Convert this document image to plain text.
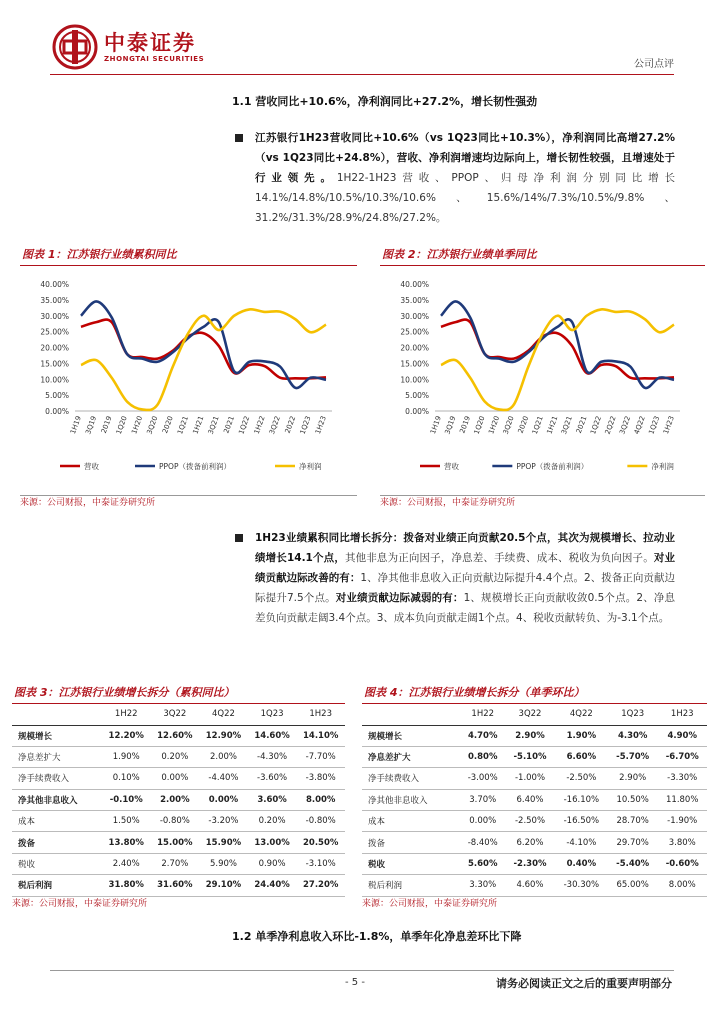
中泰证券
ZHONGTAI SECURITIES	公司点评
1.1 营收同比+10.6%，净利润同比+27.2%，增长韧性强劲
江苏银行1H23营收同比+10.6%（vs 1Q23同比+10.3%），净利润同比高增27.2%（vs 1Q23同比+24.8%），营收、净利润增速均边际向上，增长韧性较强，且增速处于行业领先。1H22-1H23营收、PPOP、归母净利润分别同比增长14.1%/14.8%/10.5%/10.3%/10.6%、15.6%/14%/7.3%/10.5%/9.8%、31.2%/31.3%/28.9%/24.8%/27.2%。
图表 1：江苏银行业绩累积同比
0.00%
5.00%
10.00%
15.00%
20.00%
25.00%
30.00%
35.00%
40.00%
1H19 3Q19 2019 1Q20 1H20 3Q20 2020 1Q21 1H21 3Q21 2021 1Q22 1H22 3Q22 2022 1Q23 1H23
营收	PPOP（拨备前利润）	净利润
来源：公司财报，中泰证券研究所
图表 2：江苏银行业绩单季同比
0.00%
5.00%
10.00%
15.00%
20.00%
25.00%
30.00%
35.00%
40.00%
1H19 3Q19 2019 1Q20 1H20 3Q20 2020 1Q21 1H21 3Q21 2021 1Q22 2Q22 3Q22 4Q22 1Q23 1H23
营收	PPOP（拨备前利润）	净利润
来源：公司财报，中泰证券研究所
1H23业绩累积同比增长拆分：拨备对业绩正向贡献20.5个点，其次为规模增长、拉动业绩增长14.1个点，其他非息为正向因子，净息差、手续费、成本、税收为负向因子。对业绩贡献边际改善的有：1、净其他非息收入正向贡献边际提升4.4个点。2、拨备正向贡献边际提升7.5个点。对业绩贡献边际减弱的有：1、规模增长正向贡献收敛0.5个点。2、净息差负向贡献走阔3.4个点。3、成本负向贡献走阔1个点。4、税收贡献转负、为-3.1个点。
图表 3：江苏银行业绩增长拆分（累积同比）
	1H22	3Q22	4Q22	1Q23	1H23
规模增长	12.20%	12.60%	12.90%	14.60%	14.10%
净息差扩大	1.90%	0.20%	2.00%	-4.30%	-7.70%
净手续费收入	0.10%	0.00%	-4.40%	-3.60%	-3.80%
净其他非息收入	-0.10%	2.00%	0.00%	3.60%	8.00%
成本	1.50%	-0.80%	-3.20%	0.20%	-0.80%
拨备	13.80%	15.00%	15.90%	13.00%	20.50%
税收	2.40%	2.70%	5.90%	0.90%	-3.10%
税后利润	31.80%	31.60%	29.10%	24.40%	27.20%
来源：公司财报，中泰证券研究所
图表 4：江苏银行业绩增长拆分（单季环比）
	1H22	3Q22	4Q22	1Q23	1H23
规模增长	4.70%	2.90%	1.90%	4.30%	4.90%
净息差扩大	0.80%	-5.10%	6.60%	-5.70%	-6.70%
净手续费收入	-3.00%	-1.00%	-2.50%	2.90%	-3.30%
净其他非息收入	3.70%	6.40%	-16.10%	10.50%	11.80%
成本	0.00%	-2.50%	-16.50%	28.70%	-1.90%
拨备	-8.40%	6.20%	-4.10%	29.70%	3.80%
税收	5.60%	-2.30%	0.40%	-5.40%	-0.60%
税后利润	3.30%	4.60%	-30.30%	65.00%	8.00%
来源：公司财报，中泰证券研究所
1.2 单季净利息收入环比-1.8%，单季年化净息差环比下降
- 5 -	请务必阅读正文之后的重要声明部分
